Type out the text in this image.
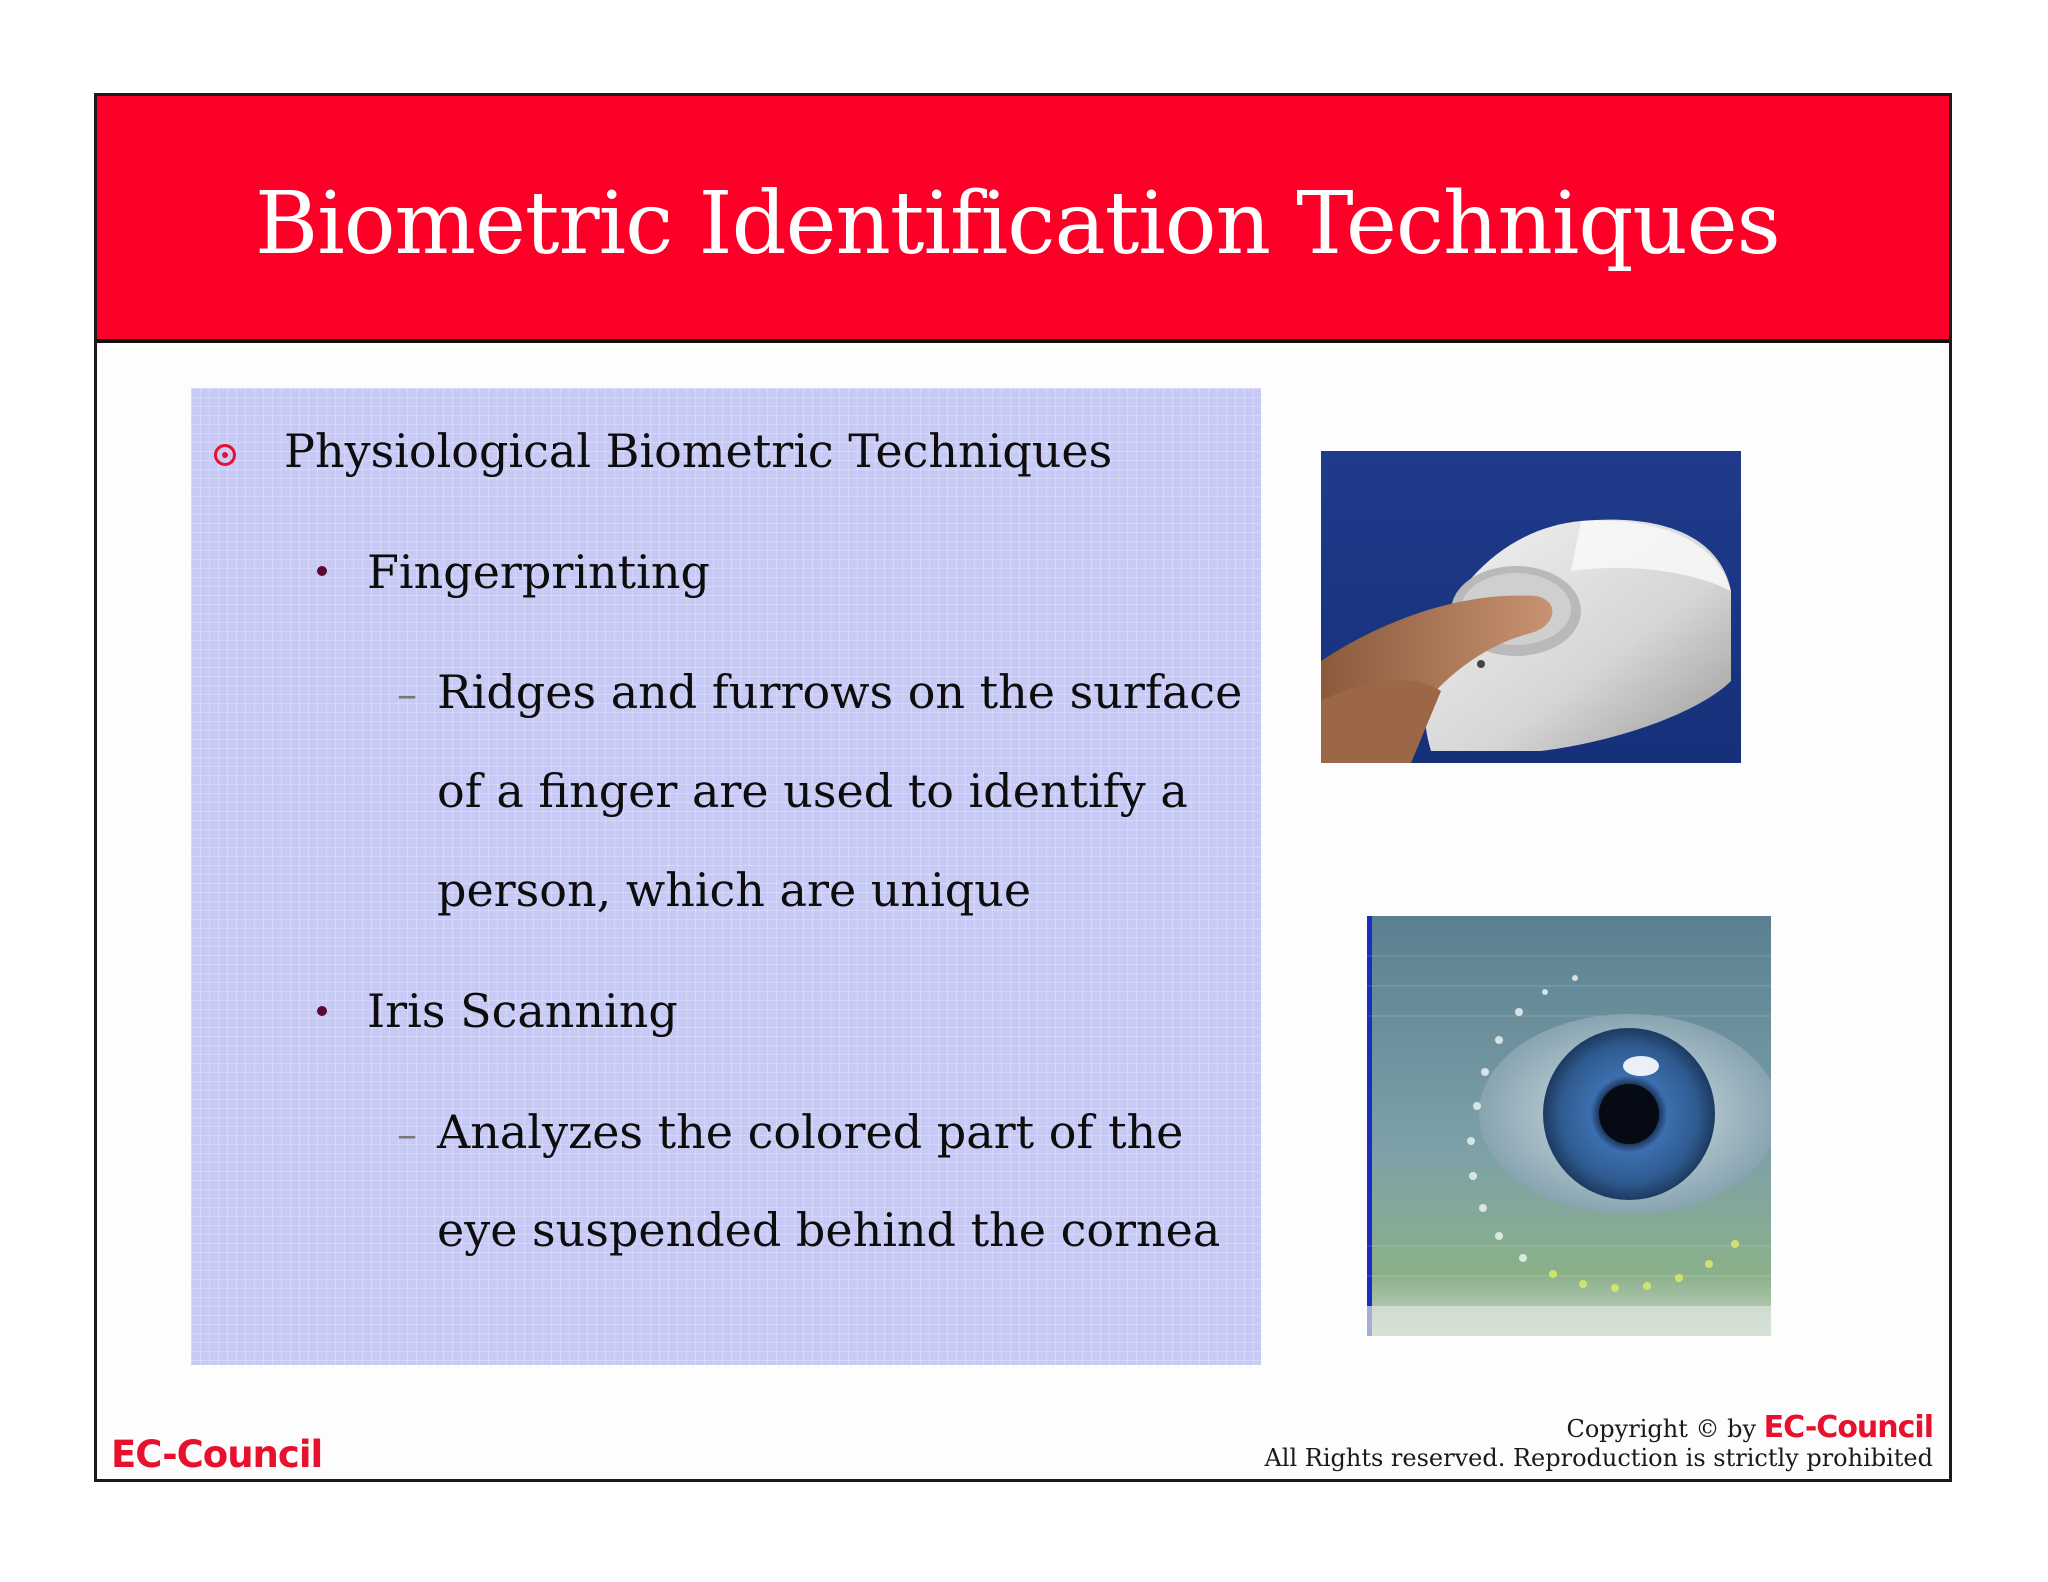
Biometric Identification Techniques
Physiological Biometric Techniques
Fingerprinting
– Ridges and furrows on the surface
of a finger are used to identify a
person, which are unique
Iris Scanning
– Analyzes the colored part of the
eye suspended behind the cornea
EC-Council
Copyright © by EC-Council
All Rights reserved. Reproduction is strictly prohibited
